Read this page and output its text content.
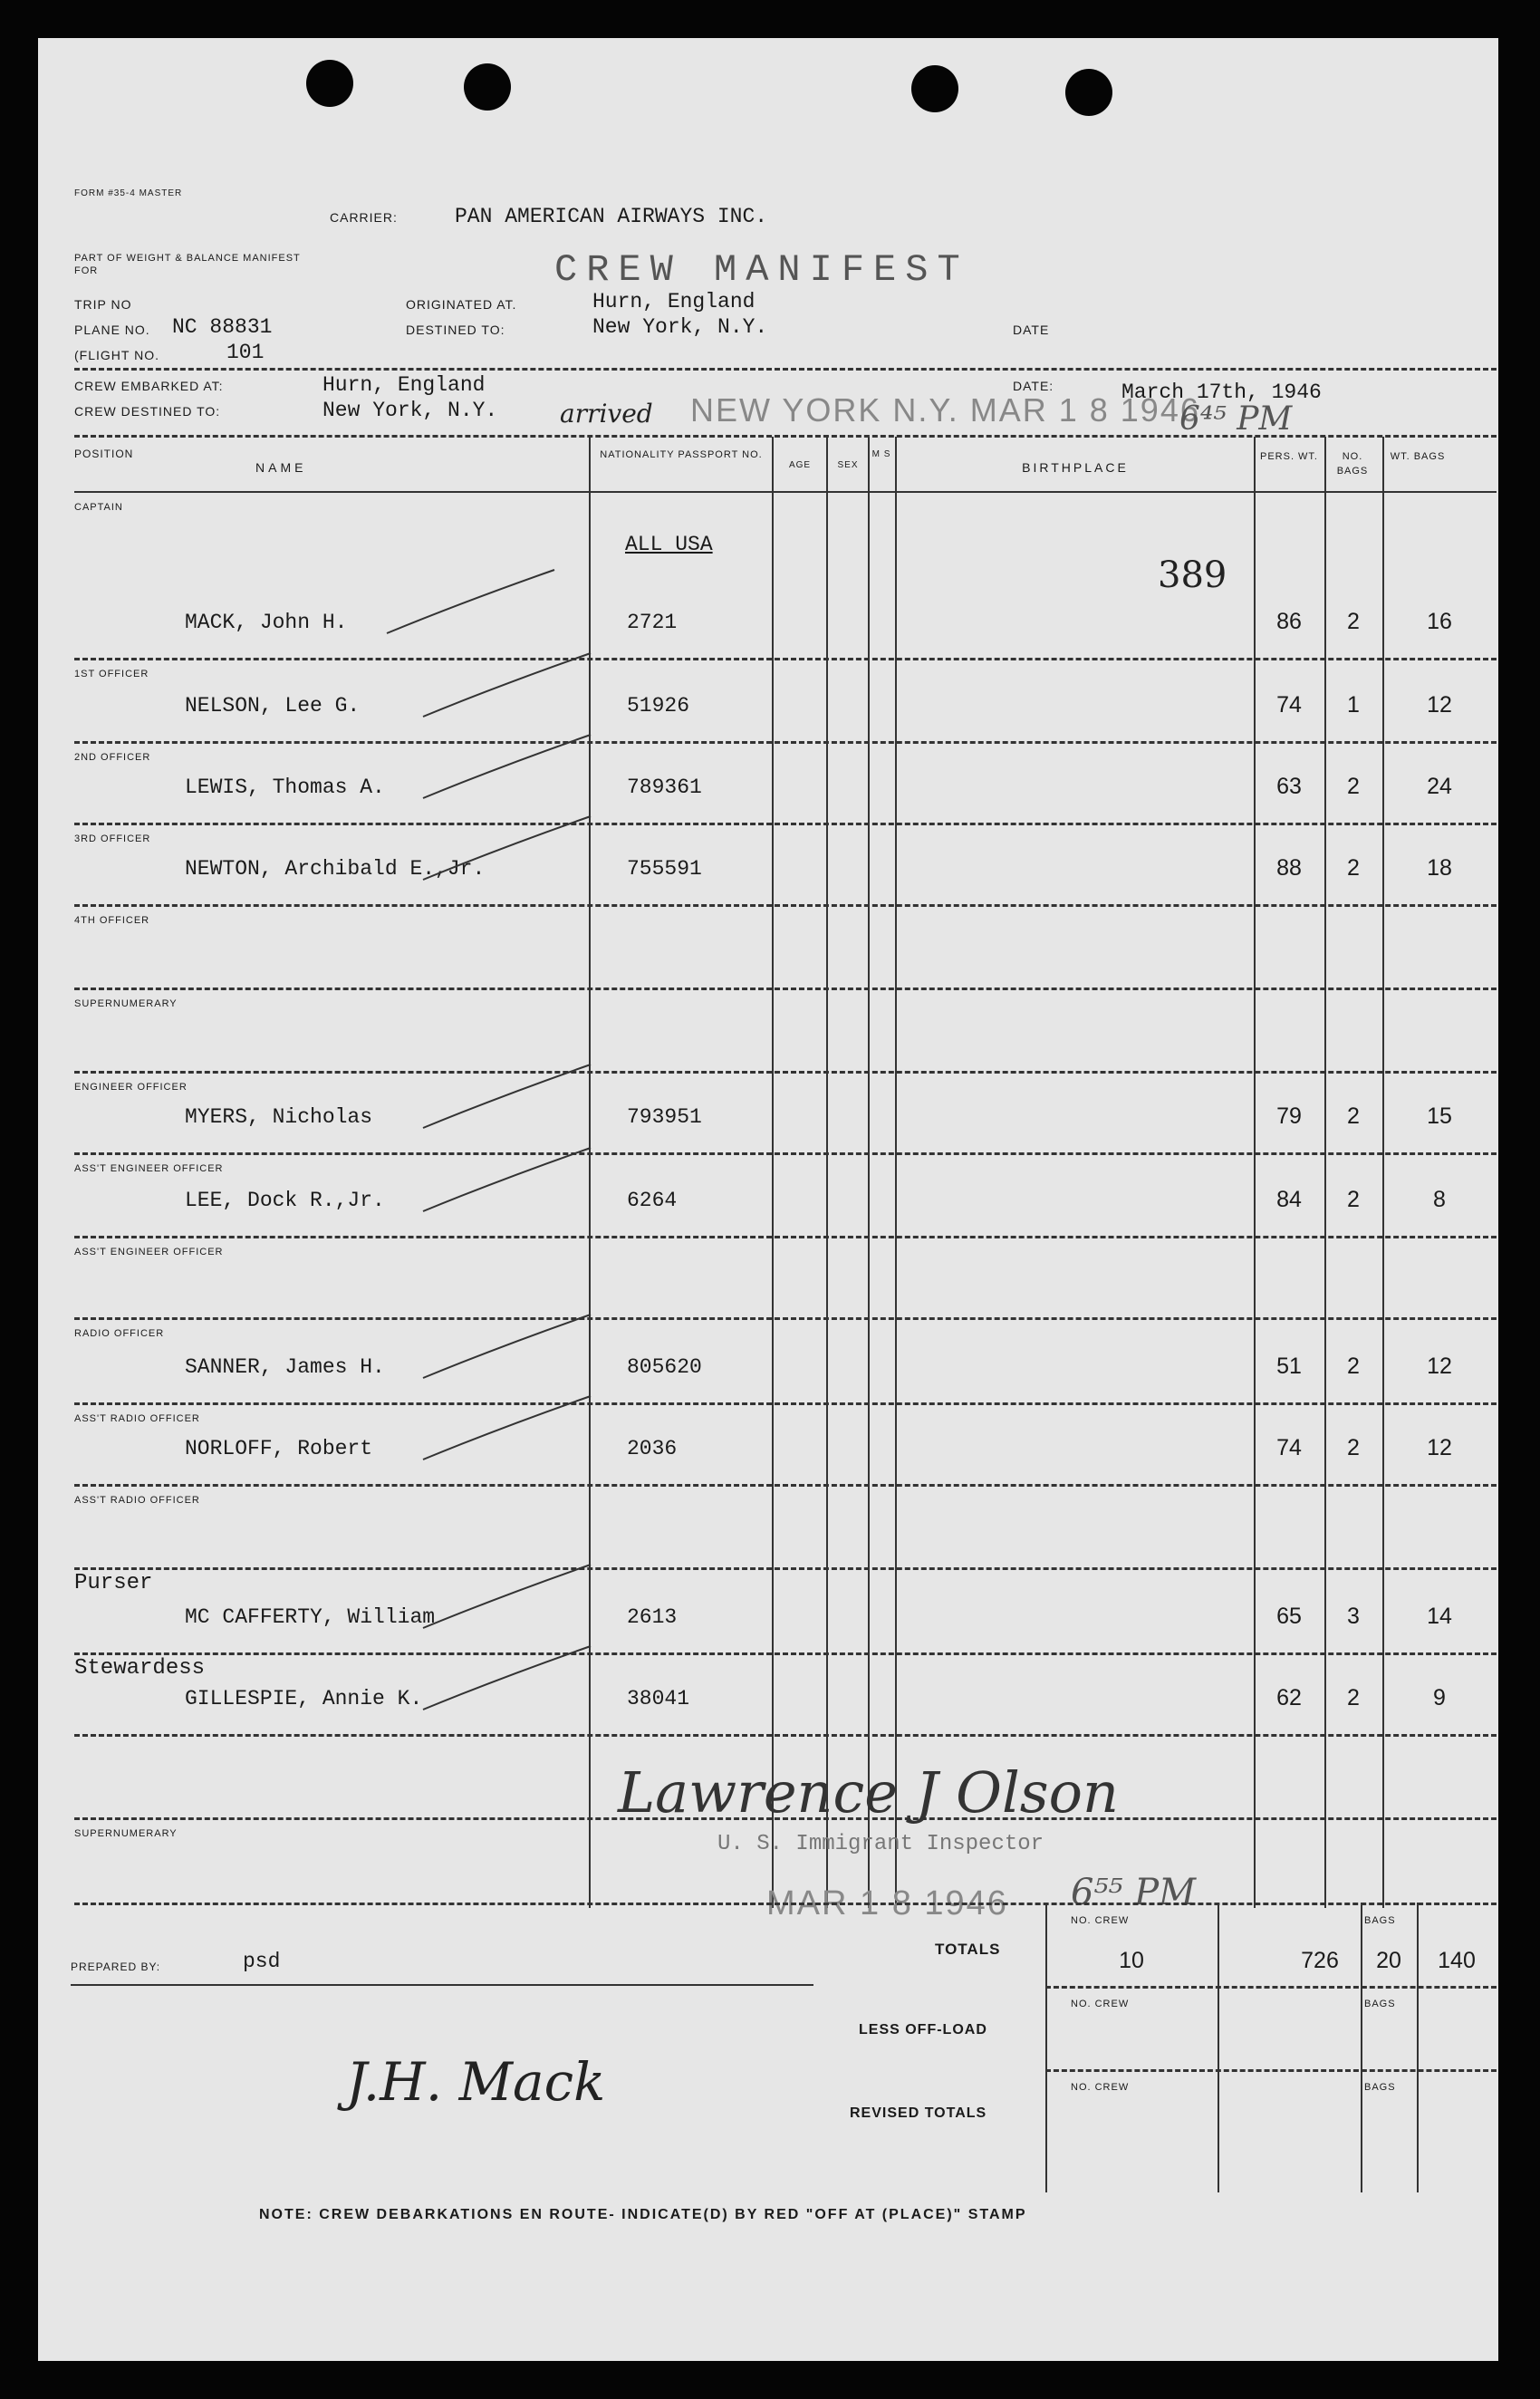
FORM #35-4 MASTER
PART OF WEIGHT & BALANCE MANIFEST FOR
CARRIER:	PAN AMERICAN AIRWAYS INC.
CREW MANIFEST
TRIP NO
PLANE NO. NC 88831
(FLIGHT NO.	101
ORIGINATED AT.	Hurn, England
DESTINED TO:	New York, N.Y.	DATE
CREW EMBARKED AT:	Hurn, England
CREW DESTINED TO:	New York, N.Y. arrived NEW YORK N.Y. MAR 1 8 1946
DATE:	March 17th, 1946
6⁴⁵ PM
POSITION
NAME
NATIONALITY PASSPORT NO.
AGE	SEX
M S
BIRTHPLACE
PERS. WT.	NO. BAGS
WT. BAGS
ALL USA
389
CAPTAIN
MACK, John H.	2721	86	2	16
1ST OFFICER
NELSON, Lee G.	51926	74	1	12
2ND OFFICER
LEWIS, Thomas A.	789361	63	2	24
3RD OFFICER
NEWTON, Archibald E.,Jr.	755591	88	2	18
4TH OFFICER
SUPERNUMERARY
ENGINEER OFFICER
MYERS, Nicholas	793951	79	2	15
ASS'T ENGINEER OFFICER
LEE, Dock R.,Jr.	6264	84	2	8
ASS'T ENGINEER OFFICER
RADIO OFFICER
SANNER, James H.	805620	51	2	12
ASS'T RADIO OFFICER
NORLOFF, Robert	2036	74	2	12
ASS'T RADIO OFFICER
Purser
MC CAFFERTY, William	2613	65	3	14
Stewardess
GILLESPIE, Annie K.	38041	62	2	9
SUPERNUMERARY
Lawrence J Olson
U. S. Immigrant Inspector
MAR 1 8 1946 6⁵⁵ PM
PREPARED BY:	psd
J.H. Mack
TOTALS
LESS OFF-LOAD
REVISED TOTALS
NO. CREW
NO. CREW
NO. CREW
BAGS
BAGS
BAGS
10	726	20	140
NOTE: CREW DEBARKATIONS EN ROUTE- INDICATE(D) BY RED "OFF AT (PLACE)" STAMP
